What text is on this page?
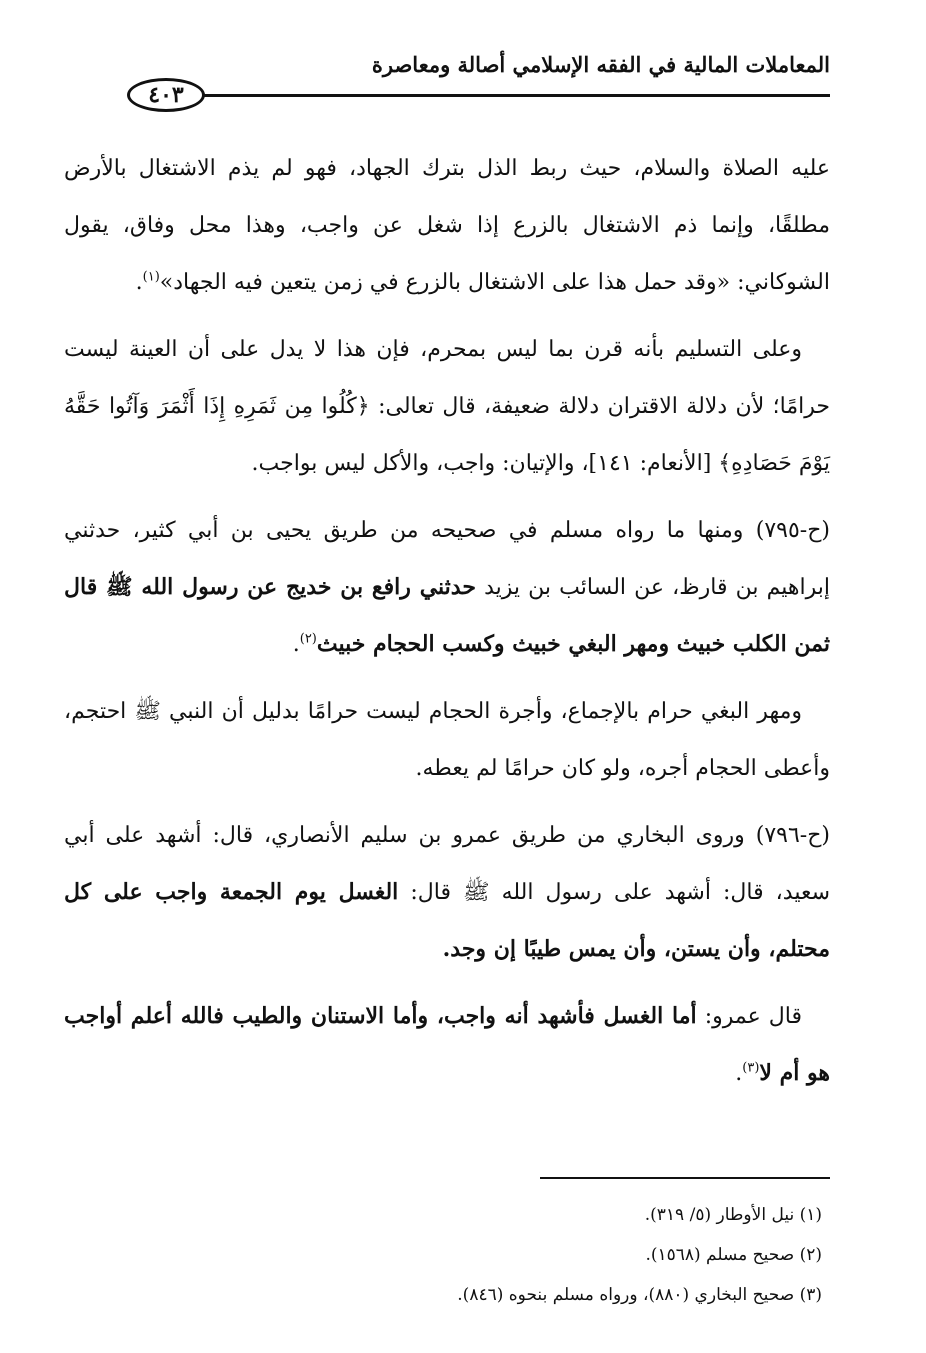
المعاملات المالية في الفقه الإسلامي أصالة ومعاصرة
٤٠٣

عليه الصلاة والسلام، حيث ربط الذل بترك الجهاد، فهو لم يذم الاشتغال بالأرض مطلقًا، وإنما ذم الاشتغال بالزرع إذا شغل عن واجب، وهذا محل وفاق، يقول الشوكاني: «وقد حمل هذا على الاشتغال بالزرع في زمن يتعين فيه الجهاد»$^{(١)}$.

وعلى التسليم بأنه قرن بما ليس بمحرم، فإن هذا لا يدل على أن العينة ليست حرامًا؛ لأن دلالة الاقتران دلالة ضعيفة، قال تعالى: ﴿كُلُوا مِن ثَمَرِهِ إِذَا أَثْمَرَ وَآتُوا حَقَّهُ يَوْمَ حَصَادِهِ﴾ [الأنعام: ١٤١]، والإتيان: واجب، والأكل ليس بواجب.

(ح-٧٩٥) ومنها ما رواه مسلم في صحيحه من طريق يحيى بن أبي كثير، حدثني إبراهيم بن قارظ، عن السائب بن يزيد حدثني رافع بن خديج عن رسول الله ﷺ قال ثمن الكلب خبيث ومهر البغي خبيث وكسب الحجام خبيث$^{(٢)}$.

ومهر البغي حرام بالإجماع، وأجرة الحجام ليست حرامًا بدليل أن النبي ﷺ احتجم، وأعطى الحجام أجره، ولو كان حرامًا لم يعطه.

(ح-٧٩٦) وروى البخاري من طريق عمرو بن سليم الأنصاري، قال: أشهد على أبي سعيد، قال: أشهد على رسول الله ﷺ قال: الغسل يوم الجمعة واجب على كل محتلم، وأن يستن، وأن يمس طيبًا إن وجد.

قال عمرو: أما الغسل فأشهد أنه واجب، وأما الاستنان والطيب فالله أعلم أواجب هو أم لا$^{(٣)}$.

(١) نيل الأوطار (٥/ ٣١٩).

(٢) صحيح مسلم (١٥٦٨).

(٣) صحيح البخاري (٨٨٠)، ورواه مسلم بنحوه (٨٤٦).
